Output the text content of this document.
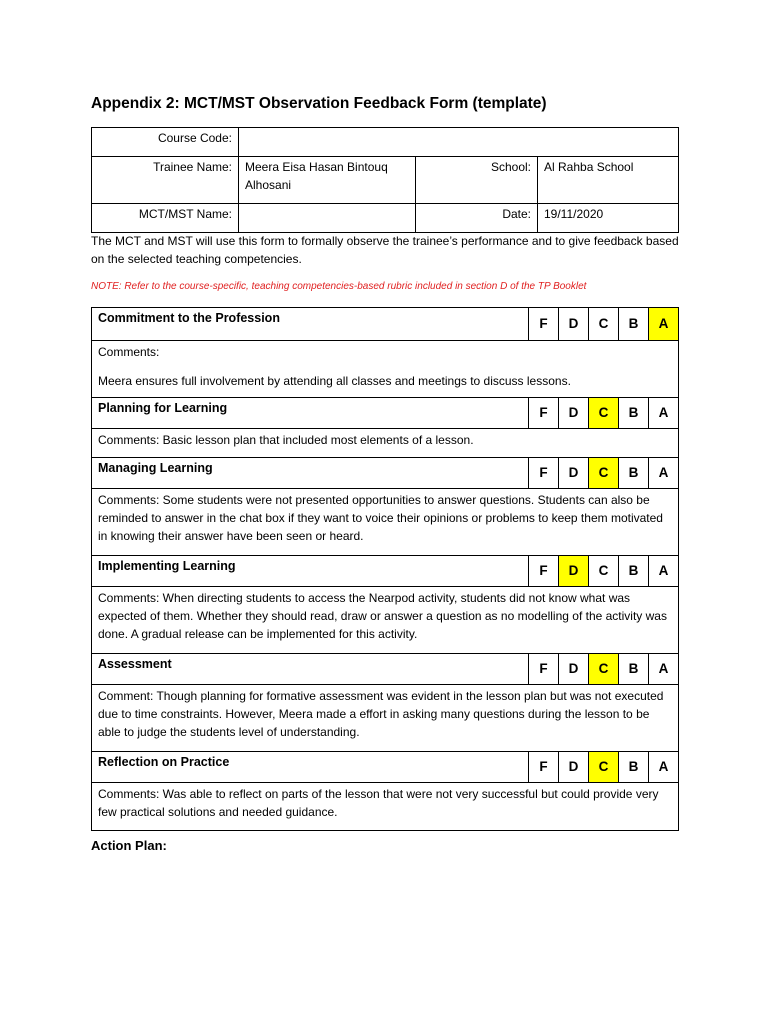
Appendix 2: MCT/MST Observation Feedback Form (template)
Course Code:			
Trainee Name:	Meera Eisa Hasan Bintouq Alhosani	School:	Al Rahba School
MCT/MST Name:		Date:	19/11/2020
The MCT and MST will use this form to formally observe the trainee’s performance and to give feedback based on the selected teaching competencies.
NOTE: Refer to the course-specific, teaching competencies-based rubric included in section D of the TP Booklet
Commitment to the Profession	F	D	C	B	A

Comments:

Meera ensures full involvement by attending all classes and meetings to discuss lessons.					

Planning for Learning	F	D	C	B	A

Comments: Basic lesson plan that included most elements of a lesson.					

Managing Learning	F	D	C	B	A

Comments: Some students were not presented opportunities to answer questions. Students can also be reminded to answer in the chat box if they want to voice their opinions or problems to keep them motivated in knowing their answer have been seen or heard.					

Implementing Learning	F	D	C	B	A

Comments: When directing students to access the Nearpod activity, students did not know what was expected of them. Whether they should read, draw or answer a question as no modelling of the activity was done. A gradual release can be implemented for this activity.					

Assessment	F	D	C	B	A

Comment: Though planning for formative assessment was evident in the lesson plan but was not executed due to time constraints. However, Meera made a effort in asking many questions during the lesson to be able to judge the students level of understanding.					

Reflection on Practice	F	D	C	B	A

Comments: Was able to reflect on parts of the lesson that were not very successful but could provide very few practical solutions and needed guidance.					

Action Plan:
